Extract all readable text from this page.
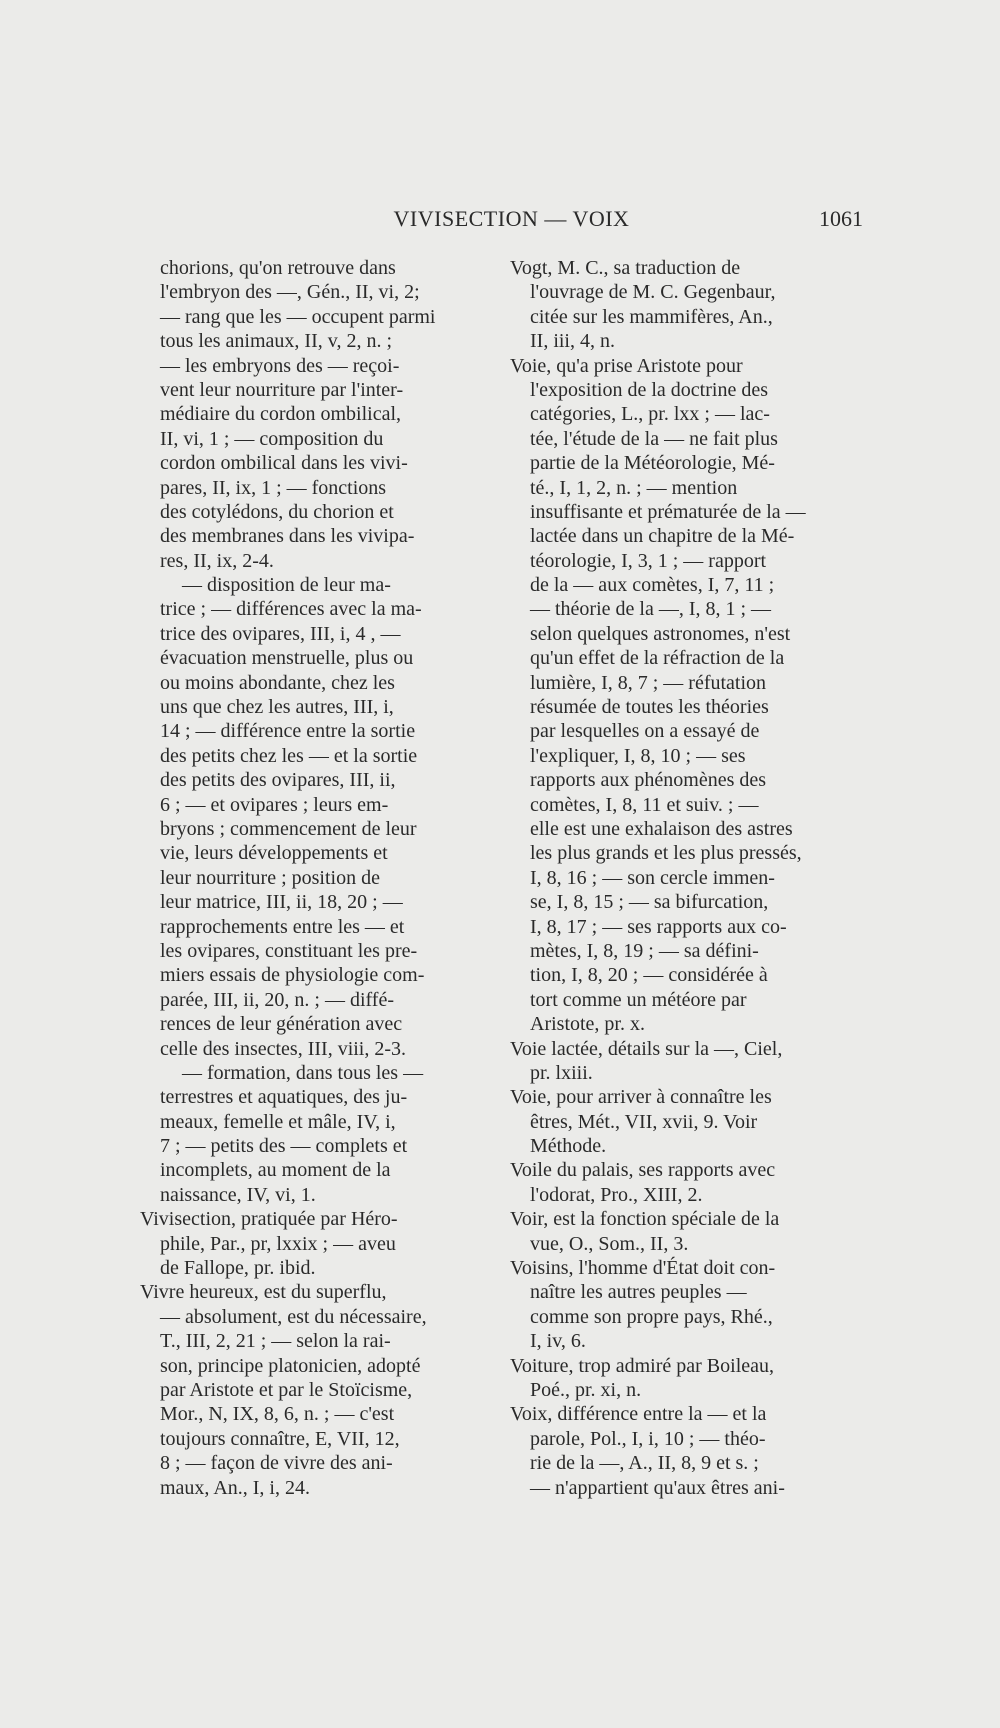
VIVISECTION — VOIX	1061
chorions, qu'on retrouve dans
l'embryon des —, Gén., II, vi, 2;
— rang que les — occupent parmi
tous les animaux, II, v, 2, n. ;
— les embryons des — reçoi-
vent leur nourriture par l'inter-
médiaire du cordon ombilical,
II, vi, 1 ; — composition du
cordon ombilical dans les vivi-
pares, II, ix, 1 ; — fonctions
des cotylédons, du chorion et
des membranes dans les vivipa-
res, II, ix, 2-4.
— disposition de leur ma-
trice ; — différences avec la ma-
trice des ovipares, III, i, 4 , —
évacuation menstruelle, plus ou
ou moins abondante, chez les
uns que chez les autres, III, i,
14 ; — différence entre la sortie
des petits chez les — et la sortie
des petits des ovipares, III, ii,
6 ; — et ovipares ; leurs em-
bryons ; commencement de leur
vie, leurs développements et
leur nourriture ; position de
leur matrice, III, ii, 18, 20 ; —
rapprochements entre les — et
les ovipares, constituant les pre-
miers essais de physiologie com-
parée, III, ii, 20, n. ; — diffé-
rences de leur génération avec
celle des insectes, III, viii, 2-3.
— formation, dans tous les —
terrestres et aquatiques, des ju-
meaux, femelle et mâle, IV, i,
7 ; — petits des — complets et
incomplets, au moment de la
naissance, IV, vi, 1.
Vivisection, pratiquée par Héro-
phile, Par., pr, lxxix ; — aveu
de Fallope, pr. ibid.
Vivre heureux, est du superflu,
— absolument, est du nécessaire,
T., III, 2, 21 ; — selon la rai-
son, principe platonicien, adopté
par Aristote et par le Stoïcisme,
Mor., N, IX, 8, 6, n. ; — c'est
toujours connaître, E, VII, 12,
8 ; — façon de vivre des ani-
maux, An., I, i, 24.
Vogt, M. C., sa traduction de
l'ouvrage de M. C. Gegenbaur,
citée sur les mammifères, An.,
II, iii, 4, n.
Voie, qu'a prise Aristote pour
l'exposition de la doctrine des
catégories, L., pr. lxx ; — lac-
tée, l'étude de la — ne fait plus
partie de la Météorologie, Mé-
té., I, 1, 2, n. ; — mention
insuffisante et prématurée de la —
lactée dans un chapitre de la Mé-
téorologie, I, 3, 1 ; — rapport
de la — aux comètes, I, 7, 11 ;
— théorie de la —, I, 8, 1 ; —
selon quelques astronomes, n'est
qu'un effet de la réfraction de la
lumière, I, 8, 7 ; — réfutation
résumée de toutes les théories
par lesquelles on a essayé de
l'expliquer, I, 8, 10 ; — ses
rapports aux phénomènes des
comètes, I, 8, 11 et suiv. ; —
elle est une exhalaison des astres
les plus grands et les plus pressés,
I, 8, 16 ; — son cercle immen-
se, I, 8, 15 ; — sa bifurcation,
I, 8, 17 ; — ses rapports aux co-
mètes, I, 8, 19 ; — sa défini-
tion, I, 8, 20 ; — considérée à
tort comme un météore par
Aristote, pr. x.
Voie lactée, détails sur la —, Ciel,
pr. lxiii.
Voie, pour arriver à connaître les
êtres, Mét., VII, xvii, 9. Voir
Méthode.
Voile du palais, ses rapports avec
l'odorat, Pro., XIII, 2.
Voir, est la fonction spéciale de la
vue, O., Som., II, 3.
Voisins, l'homme d'État doit con-
naître les autres peuples —
comme son propre pays, Rhé.,
I, iv, 6.
Voiture, trop admiré par Boileau,
Poé., pr. xi, n.
Voix, différence entre la — et la
parole, Pol., I, i, 10 ; — théo-
rie de la —, A., II, 8, 9 et s. ;
— n'appartient qu'aux êtres ani-
